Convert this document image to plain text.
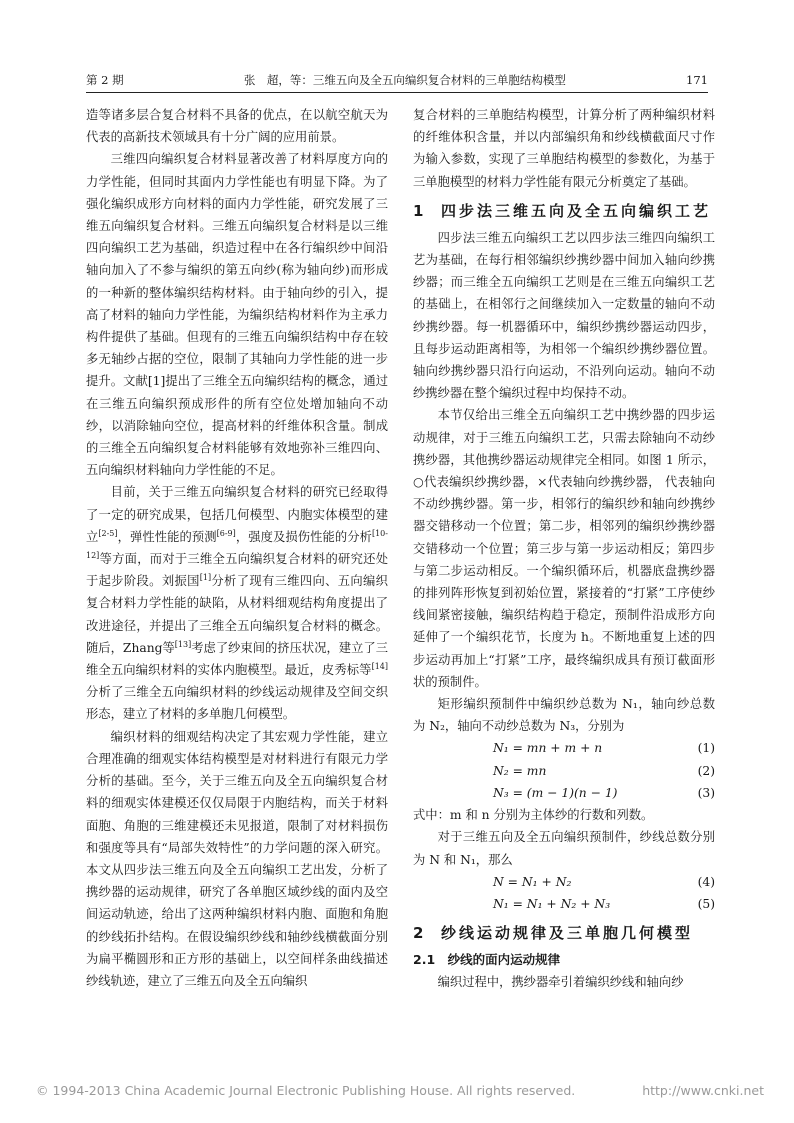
第 2 期	张　超，等：三维五向及全五向编织复合材料的三单胞结构模型	171

造等诸多层合复合材料不具备的优点，在以航空航天为代表的高新技术领域具有十分广阔的应用前景。

三维四向编织复合材料显著改善了材料厚度方向的力学性能，但同时其面内力学性能也有明显下降。为了强化编织成形方向材料的面内力学性能，研究发展了三维五向编织复合材料。三维五向编织复合材料是以三维四向编织工艺为基础，织造过程中在各行编织纱中间沿轴向加入了不参与编织的第五向纱(称为轴向纱)而形成的一种新的整体编织结构材料。由于轴向纱的引入，提高了材料的轴向力学性能，为编织结构材料作为主承力构件提供了基础。但现有的三维五向编织结构中存在较多无轴纱占据的空位，限制了其轴向力学性能的进一步提升。文献[1]提出了三维全五向编织结构的概念，通过在三维五向编织预成形件的所有空位处增加轴向不动纱，以消除轴向空位，提高材料的纤维体积含量。制成的三维全五向编织复合材料能够有效地弥补三维四向、五向编织材料轴向力学性能的不足。

目前，关于三维五向编织复合材料的研究已经取得了一定的研究成果，包括几何模型、内胞实体模型的建立[2-5]，弹性性能的预测[6-9]，强度及损伤性能的分析[10-12]等方面，而对于三维全五向编织复合材料的研究还处于起步阶段。刘振国[1]分析了现有三维四向、五向编织复合材料力学性能的缺陷，从材料细观结构角度提出了改进途径，并提出了三维全五向编织复合材料的概念。随后，Zhang等[13]考虑了纱束间的挤压状况，建立了三维全五向编织材料的实体内胞模型。最近，皮秀标等[14]分析了三维全五向编织材料的纱线运动规律及空间交织形态，建立了材料的多单胞几何模型。

编织材料的细观结构决定了其宏观力学性能，建立合理准确的细观实体结构模型是对材料进行有限元力学分析的基础。至今，关于三维五向及全五向编织复合材料的细观实体建模还仅仅局限于内胞结构，而关于材料面胞、角胞的三维建模还未见报道，限制了对材料损伤和强度等具有“局部失效特性”的力学问题的深入研究。本文从四步法三维五向及全五向编织工艺出发，分析了携纱器的运动规律，研究了各单胞区域纱线的面内及空间运动轨迹，给出了这两种编织材料内胞、面胞和角胞的纱线拓扑结构。在假设编织纱线和轴纱线横截面分别为扁平椭圆形和正方形的基础上，以空间样条曲线描述纱线轨迹，建立了三维五向及全五向编织

复合材料的三单胞结构模型，计算分析了两种编织材料的纤维体积含量，并以内部编织角和纱线横截面尺寸作为输入参数，实现了三单胞结构模型的参数化，为基于三单胞模型的材料力学性能有限元分析奠定了基础。

1	四步法三维五向及全五向编织工艺

四步法三维五向编织工艺以四步法三维四向编织工艺为基础，在每行相邻编织纱携纱器中间加入轴向纱携纱器；而三维全五向编织工艺则是在三维五向编织工艺的基础上，在相邻行之间继续加入一定数量的轴向不动纱携纱器。每一机器循环中，编织纱携纱器运动四步，且每步运动距离相等，为相邻一个编织纱携纱器位置。轴向纱携纱器只沿行向运动，不沿列向运动。轴向不动纱携纱器在整个编织过程中均保持不动。

本节仅给出三维全五向编织工艺中携纱器的四步运动规律，对于三维五向编织工艺，只需去除轴向不动纱携纱器，其他携纱器运动规律完全相同。如图 1 所示，○代表编织纱携纱器，×代表轴向纱携纱器， 代表轴向不动纱携纱器。第一步，相邻行的编织纱和轴向纱携纱器交错移动一个位置；第二步，相邻列的编织纱携纱器交错移动一个位置；第三步与第一步运动相反；第四步与第二步运动相反。一个编织循环后，机器底盘携纱器的排列阵形恢复到初始位置，紧接着的“打紧”工序使纱线间紧密接触，编织结构趋于稳定，预制件沿成形方向延伸了一个编织花节，长度为 h。不断地重复上述的四步运动再加上“打紧”工序，最终编织成具有预订截面形状的预制件。

矩形编织预制件中编织纱总数为 N₁，轴向纱总数为 N₂，轴向不动纱总数为 N₃，分别为

N₁ = mn + m + n	(1)
N₂ = mn	(2)
N₃ = (m − 1)(n − 1)	(3)

式中：m 和 n 分别为主体纱的行数和列数。

对于三维五向及全五向编织预制件，纱线总数分别为 N 和 N₁，那么

N = N₁ + N₂	(4)
N₁ = N₁ + N₂ + N₃	(5)
2	纱线运动规律及三单胞几何模型
2.1　 纱线的面内运动规律

编织过程中，携纱器牵引着编织纱线和轴向纱

© 1994-2013 China Academic Journal Electronic Publishing House. All rights reserved.	http://www.cnki.net
